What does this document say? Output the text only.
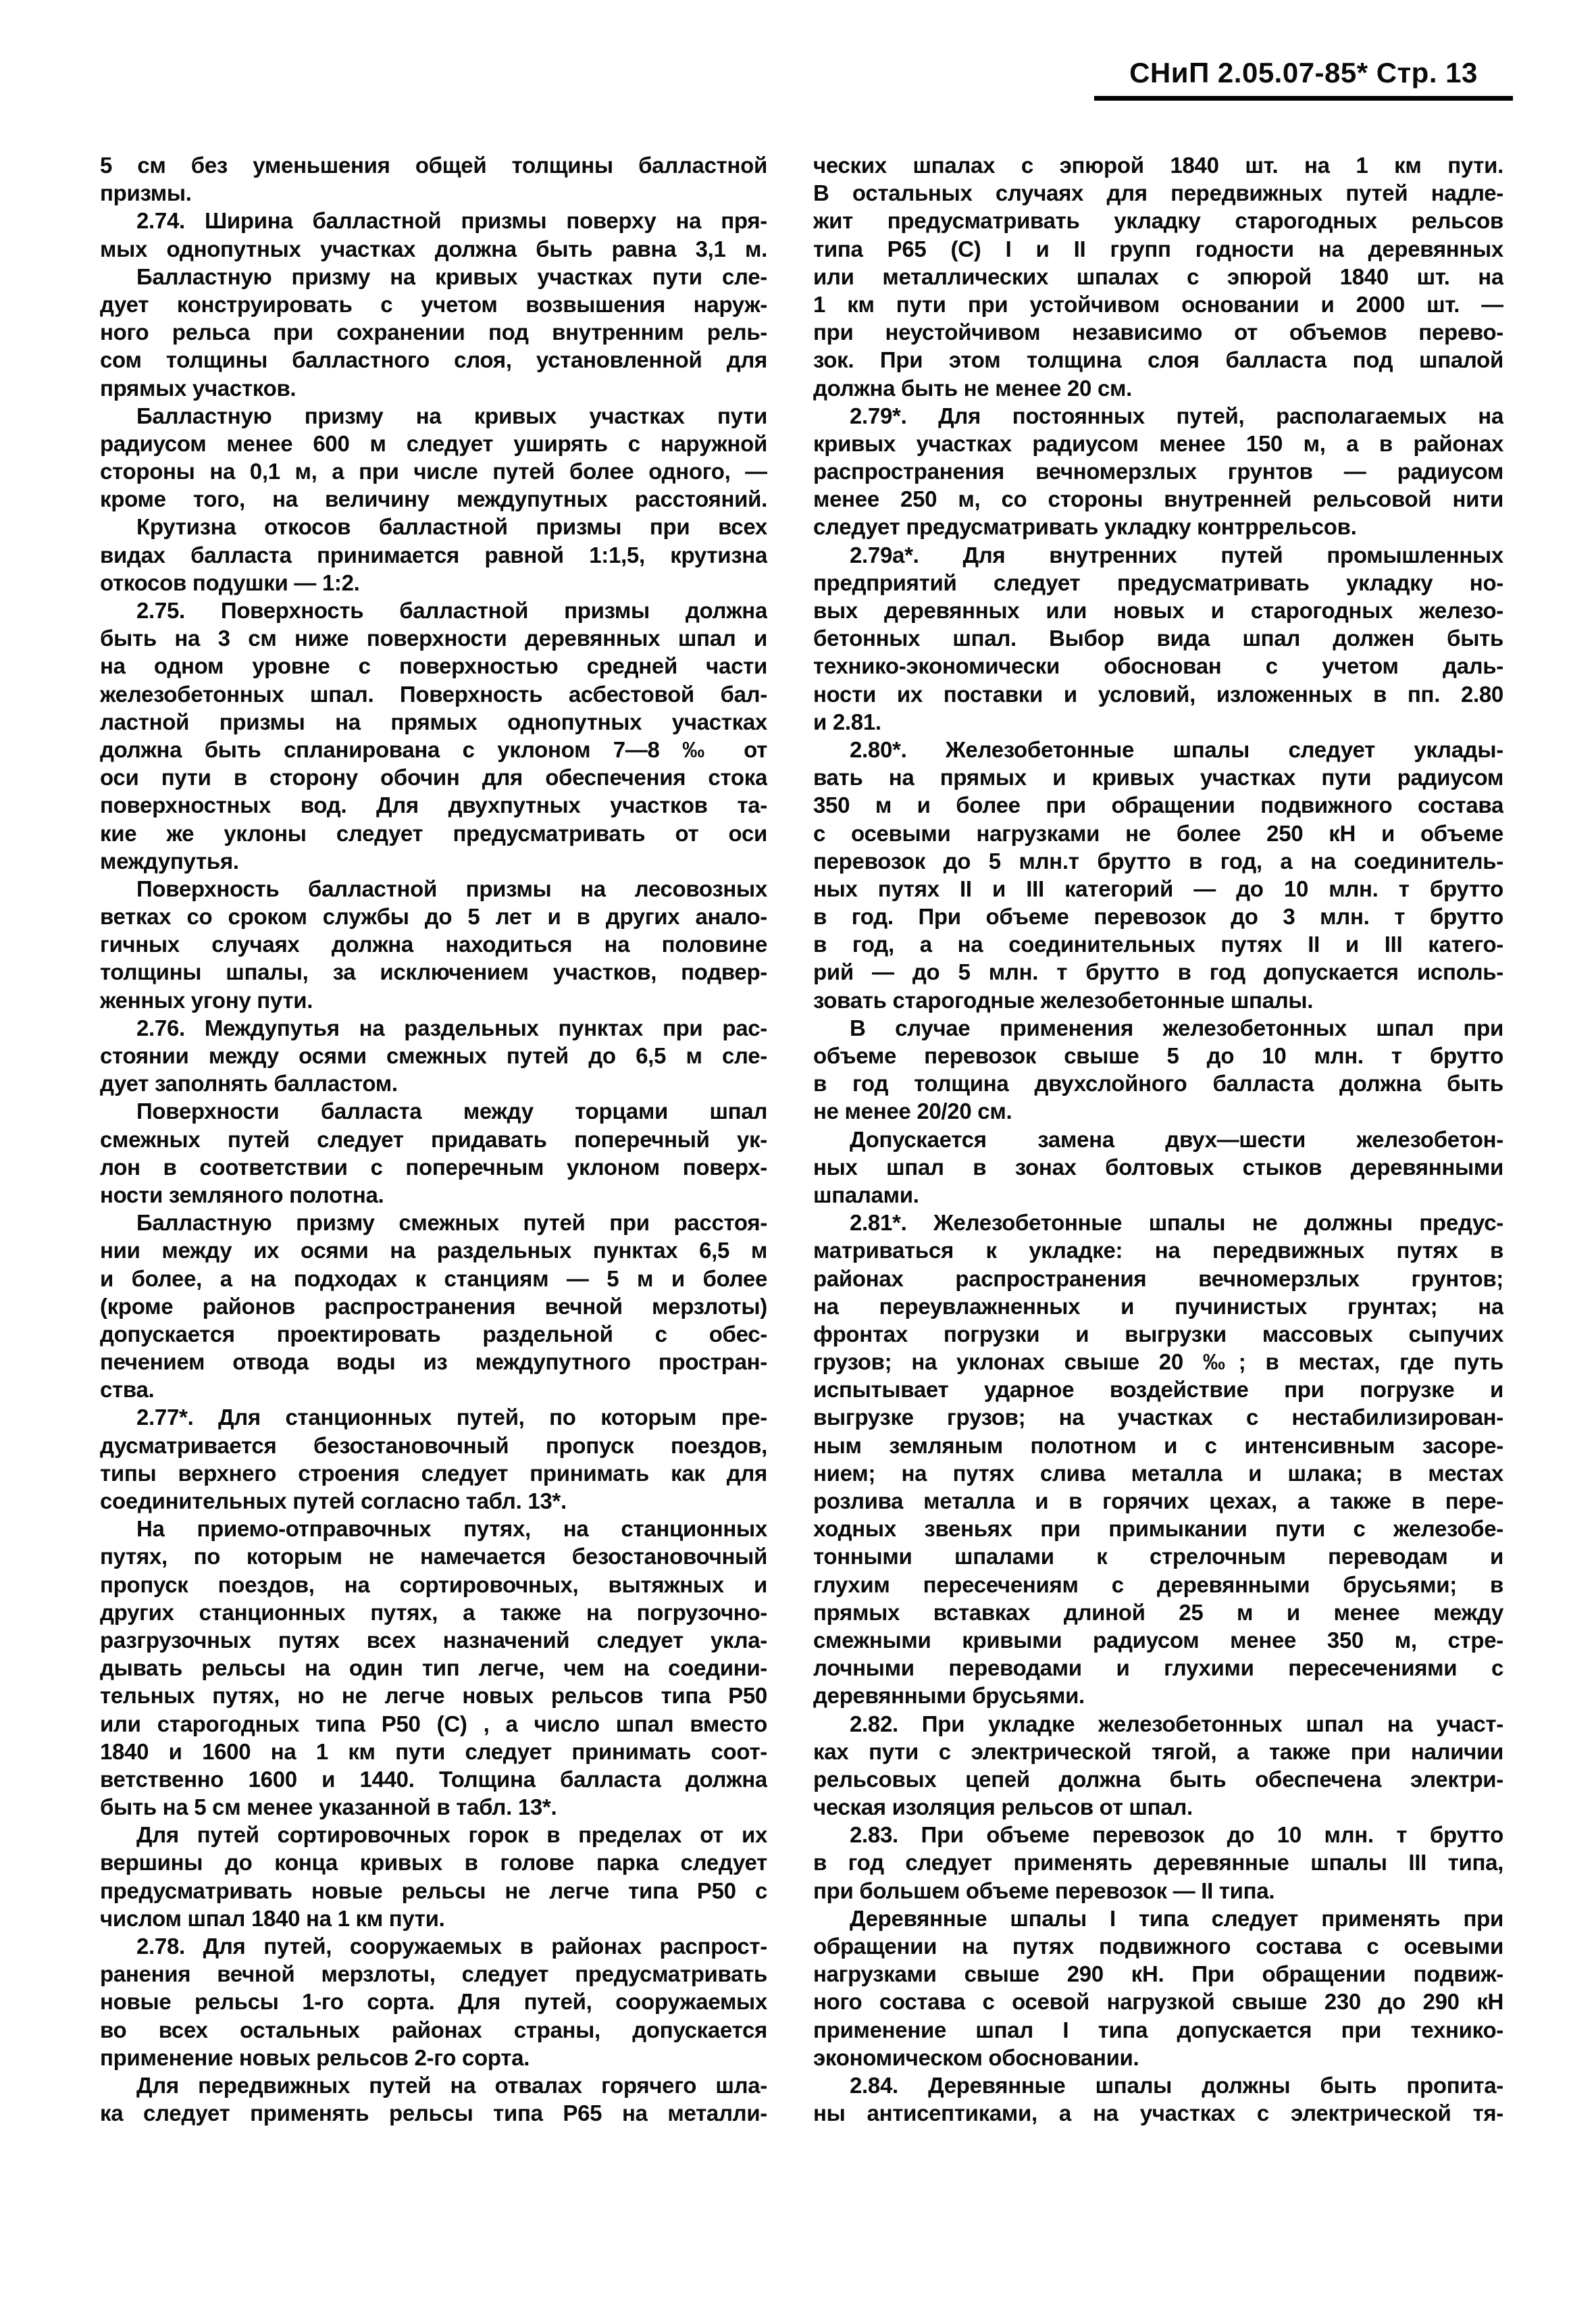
СНиП 2.05.07-85* Стр. 13
5 см без уменьшения общей толщины балластной
призмы.
2.74. Ширина балластной призмы поверху на пря-
мых однопутных участках должна быть равна 3,1 м.
Балластную призму на кривых участках пути сле-
дует конструировать с учетом возвышения наруж-
ного рельса при сохранении под внутренним рель-
сом толщины балластного слоя, установленной для
прямых участков.
Балластную призму на кривых участках пути
радиусом менее 600 м следует уширять с наружной
стороны на 0,1 м, а при числе путей более одного, —
кроме того, на величину междупутных расстояний.
Крутизна откосов балластной призмы при всех
видах балласта принимается равной 1:1,5, крутизна
откосов подушки — 1:2.
2.75. Поверхность балластной призмы должна
быть на 3 см ниже поверхности деревянных шпал и
на одном уровне с поверхностью средней части
железобетонных шпал. Поверхность асбестовой бал-
ластной призмы на прямых однопутных участках
должна быть спланирована с уклоном 7—8 ‰ от
оси пути в сторону обочин для обеспечения стока
поверхностных вод. Для двухпутных участков та-
кие же уклоны следует предусматривать от оси
междупутья.
Поверхность балластной призмы на лесовозных
ветках со сроком службы до 5 лет и в других анало-
гичных случаях должна находиться на половине
толщины шпалы, за исключением участков, подвер-
женных угону пути.
2.76. Междупутья на раздельных пунктах при рас-
стоянии между осями смежных путей до 6,5 м сле-
дует заполнять балластом.
Поверхности балласта между торцами шпал
смежных путей следует придавать поперечный ук-
лон в соответствии с поперечным уклоном поверх-
ности земляного полотна.
Балластную призму смежных путей при расстоя-
нии между их осями на раздельных пунктах 6,5 м
и более, а на подходах к станциям — 5 м и более
(кроме районов распространения вечной мерзлоты)
допускается проектировать раздельной с обес-
печением отвода воды из междупутного простран-
ства.
2.77*. Для станционных путей, по которым пре-
дусматривается безостановочный пропуск поездов,
типы верхнего строения следует принимать как для
соединительных путей согласно табл. 13*.
На приемо-отправочных путях, на станционных
путях, по которым не намечается безостановочный
пропуск поездов, на сортировочных, вытяжных и
других станционных путях, а также на погрузочно-
разгрузочных путях всех назначений следует укла-
дывать рельсы на один тип легче, чем на соедини-
тельных путях, но не легче новых рельсов типа Р50
или старогодных типа Р50 (С) , а число шпал вместо
1840 и 1600 на 1 км пути следует принимать соот-
ветственно 1600 и 1440. Толщина балласта должна
быть на 5 см менее указанной в табл. 13*.
Для путей сортировочных горок в пределах от их
вершины до конца кривых в голове парка следует
предусматривать новые рельсы не легче типа Р50 с
числом шпал 1840 на 1 км пути.
2.78. Для путей, сооружаемых в районах распрост-
ранения вечной мерзлоты, следует предусматривать
новые рельсы 1-го сорта. Для путей, сооружаемых
во всех остальных районах страны, допускается
применение новых рельсов 2-го сорта.
Для передвижных путей на отвалах горячего шла-
ка следует применять рельсы типа Р65 на металли-
ческих шпалах с эпюрой 1840 шт. на 1 км пути.
В остальных случаях для передвижных путей надле-
жит предусматривать укладку старогодных рельсов
типа Р65 (С) I и II групп годности на деревянных
или металлических шпалах с эпюрой 1840 шт. на
1 км пути при устойчивом основании и 2000 шт. —
при неустойчивом независимо от объемов перево-
зок. При этом толщина слоя балласта под шпалой
должна быть не менее 20 см.
2.79*. Для постоянных путей, располагаемых на
кривых участках радиусом менее 150 м, а в районах
распространения вечномерзлых грунтов — радиусом
менее 250 м, со стороны внутренней рельсовой нити
следует предусматривать укладку контррельсов.
2.79а*. Для внутренних путей промышленных
предприятий следует предусматривать укладку но-
вых деревянных или новых и старогодных железо-
бетонных шпал. Выбор вида шпал должен быть
технико-экономически обоснован с учетом даль-
ности их поставки и условий, изложенных в пп. 2.80
и 2.81.
2.80*. Железобетонные шпалы следует уклады-
вать на прямых и кривых участках пути радиусом
350 м и более при обращении подвижного состава
с осевыми нагрузками не более 250 кН и объеме
перевозок до 5 млн.т брутто в год, а на соединитель-
ных путях II и III категорий — до 10 млн. т брутто
в год. При объеме перевозок до 3 млн. т брутто
в год, а на соединительных путях II и III катего-
рий — до 5 млн. т брутто в год допускается исполь-
зовать старогодные железобетонные шпалы.
В случае применения железобетонных шпал при
объеме перевозок свыше 5 до 10 млн. т брутто
в год толщина двухслойного балласта должна быть
не менее 20/20 см.
Допускается замена двух—шести железобетон-
ных шпал в зонах болтовых стыков деревянными
шпалами.
2.81*. Железобетонные шпалы не должны предус-
матриваться к укладке: на передвижных путях в
районах распространения вечномерзлых грунтов;
на переувлажненных и пучинистых грунтах; на
фронтах погрузки и выгрузки массовых сыпучих
грузов; на уклонах свыше 20 ‰; в местах, где путь
испытывает ударное воздействие при погрузке и
выгрузке грузов; на участках с нестабилизирован-
ным земляным полотном и с интенсивным засоре-
нием; на путях слива металла и шлака; в местах
розлива металла и в горячих цехах, а также в пере-
ходных звеньях при примыкании пути с железобе-
тонными шпалами к стрелочным переводам и
глухим пересечениям с деревянными брусьями; в
прямых вставках длиной 25 м и менее между
смежными кривыми радиусом менее 350 м, стре-
лочными переводами и глухими пересечениями с
деревянными брусьями.
2.82. При укладке железобетонных шпал на участ-
ках пути с электрической тягой, а также при наличии
рельсовых цепей должна быть обеспечена электри-
ческая изоляция рельсов от шпал.
2.83. При объеме перевозок до 10 млн. т брутто
в год следует применять деревянные шпалы III типа,
при большем объеме перевозок — II типа.
Деревянные шпалы I типа следует применять при
обращении на путях подвижного состава с осевыми
нагрузками свыше 290 кН. При обращении подвиж-
ного состава с осевой нагрузкой свыше 230 до 290 кН
применение шпал I типа допускается при технико-
экономическом обосновании.
2.84. Деревянные шпалы должны быть пропита-
ны антисептиками, а на участках с электрической тя-
